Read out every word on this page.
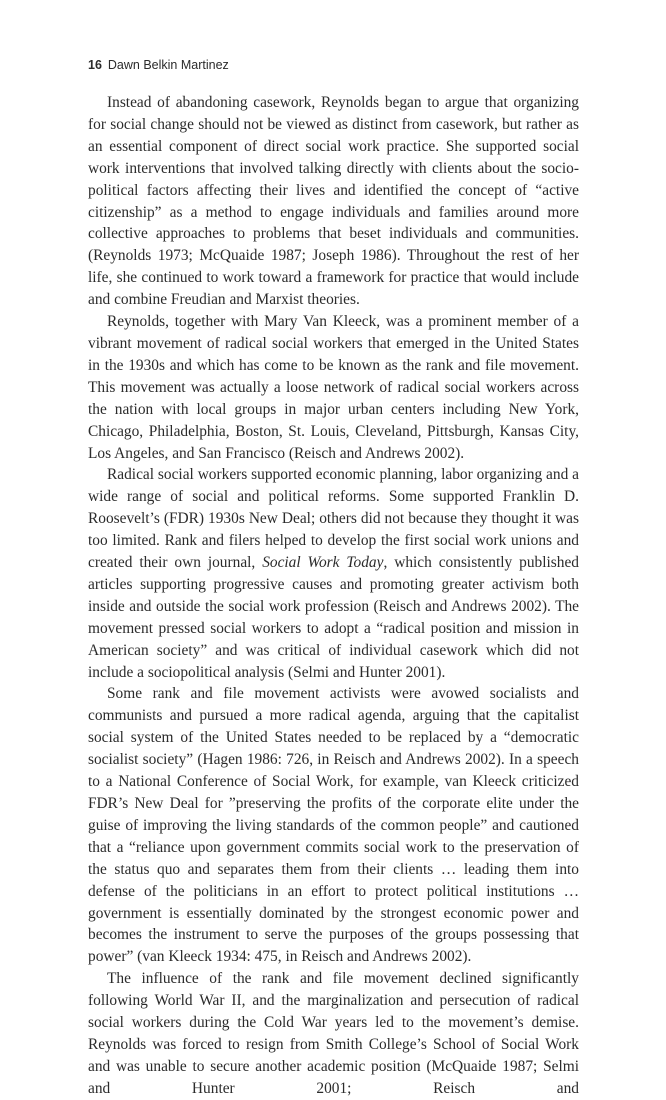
16 Dawn Belkin Martinez

Instead of abandoning casework, Reynolds began to argue that organizing for social change should not be viewed as distinct from casework, but rather as an essential component of direct social work practice. She supported social work interventions that involved talking directly with clients about the socio-political factors affecting their lives and identified the concept of “active citizenship” as a method to engage individuals and families around more collective approaches to problems that beset individuals and communities. (Reynolds 1973; McQuaide 1987; Joseph 1986). Throughout the rest of her life, she continued to work toward a framework for practice that would include and combine Freudian and Marxist theories.

Reynolds, together with Mary Van Kleeck, was a prominent member of a vibrant movement of radical social workers that emerged in the United States in the 1930s and which has come to be known as the rank and file movement. This movement was actually a loose network of radical social workers across the nation with local groups in major urban centers including New York, Chicago, Philadelphia, Boston, St. Louis, Cleveland, Pittsburgh, Kansas City, Los Angeles, and San Francisco (Reisch and Andrews 2002).

Radical social workers supported economic planning, labor organizing and a wide range of social and political reforms. Some supported Franklin D. Roosevelt’s (FDR) 1930s New Deal; others did not because they thought it was too limited. Rank and filers helped to develop the first social work unions and created their own journal, Social Work Today, which consistently published articles supporting progressive causes and promoting greater activism both inside and outside the social work profession (Reisch and Andrews 2002). The movement pressed social workers to adopt a “radical position and mission in American society” and was critical of individual casework which did not include a sociopolitical analysis (Selmi and Hunter 2001).

Some rank and file movement activists were avowed socialists and communists and pursued a more radical agenda, arguing that the capitalist social system of the United States needed to be replaced by a “democratic socialist society” (Hagen 1986: 726, in Reisch and Andrews 2002). In a speech to a National Conference of Social Work, for example, van Kleeck criticized FDR’s New Deal for ”preserving the profits of the corporate elite under the guise of improving the living standards of the common people” and cautioned that a “reliance upon government commits social work to the preservation of the status quo and separates them from their clients … leading them into defense of the politicians in an effort to protect political institutions … government is essentially dominated by the strongest economic power and becomes the instrument to serve the purposes of the groups possessing that power” (van Kleeck 1934: 475, in Reisch and Andrews 2002).

The influence of the rank and file movement declined significantly following World War II, and the marginalization and persecution of radical social workers during the Cold War years led to the movement’s demise. Reynolds was forced to resign from Smith College’s School of Social Work and was unable to secure another academic position (McQuaide 1987; Selmi and Hunter 2001; Reisch and
